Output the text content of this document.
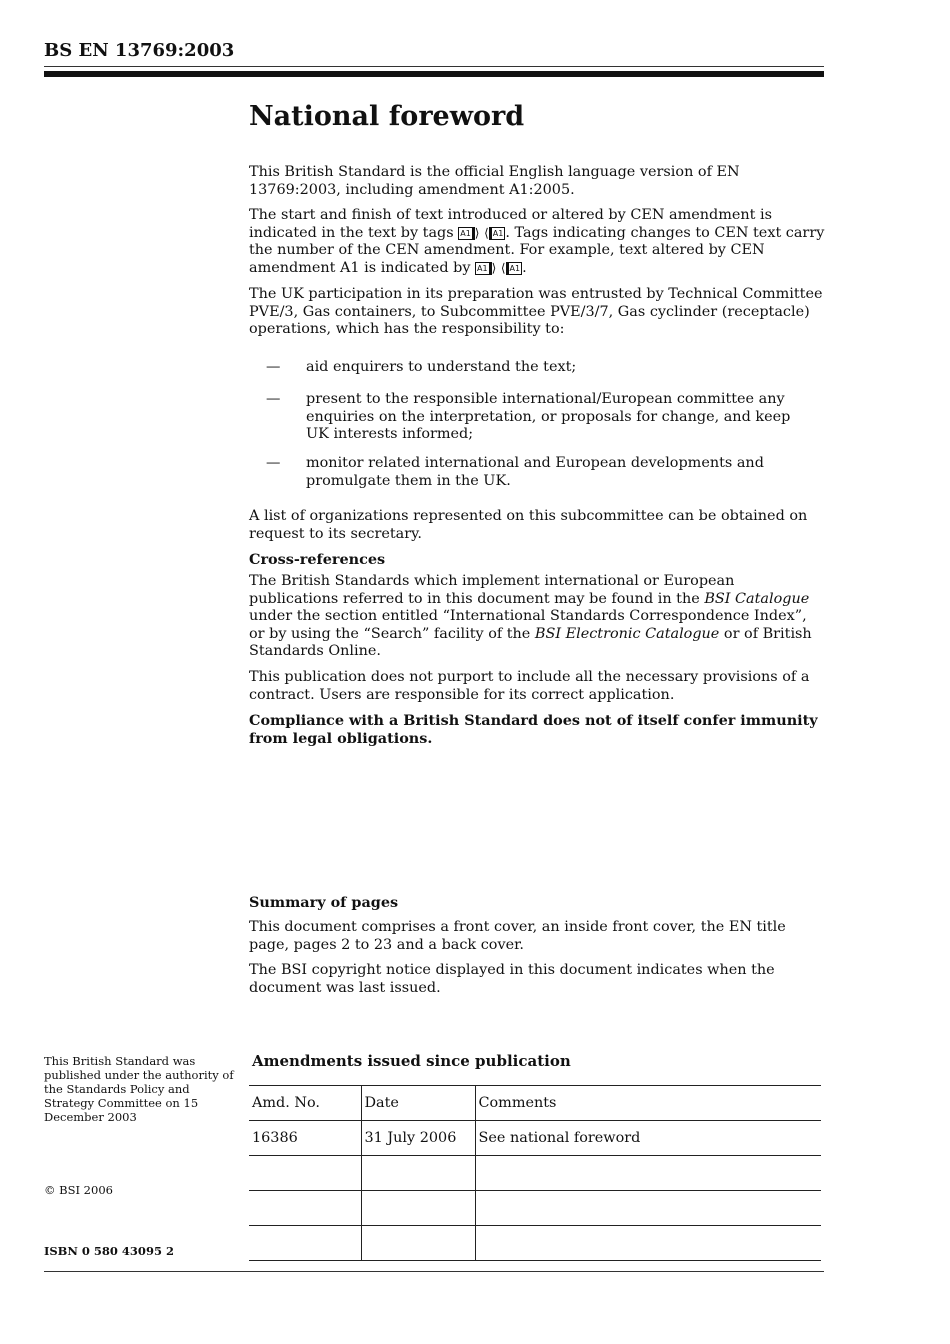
BS EN 13769:2003
National foreword

This British Standard is the official English language version of EN 13769:2003, including amendment A1:2005.

The start and finish of text introduced or altered by CEN amendment is indicated in the text by tags A1 ⟩ ⟨ A1 . Tags indicating changes to CEN text carry the number of the CEN amendment. For example, text altered by CEN amendment A1 is indicated by A1 ⟩ ⟨ A1 .

The UK participation in its preparation was entrusted by Technical Committee PVE/3, Gas containers, to Subcommittee PVE/3/7, Gas cyclinder (receptacle) operations, which has the responsibility to:

— aid enquirers to understand the text;

— present to the responsible international/European committee any enquiries on the interpretation, or proposals for change, and keep UK interests informed;

— monitor related international and European developments and promulgate them in the UK.

A list of organizations represented on this subcommittee can be obtained on request to its secretary.

Cross-references

The British Standards which implement international or European publications referred to in this document may be found in the BSI Catalogue under the section entitled “International Standards Correspondence Index”, or by using the “Search” facility of the BSI Electronic Catalogue or of British Standards Online.

This publication does not purport to include all the necessary provisions of a contract. Users are responsible for its correct application.

Compliance with a British Standard does not of itself confer immunity from legal obligations.

Summary of pages

This document comprises a front cover, an inside front cover, the EN title page, pages 2 to 23 and a back cover.

The BSI copyright notice displayed in this document indicates when the document was last issued.

This British Standard was published under the authority of the Standards Policy and Strategy Committee on 15 December 2003
© BSI 2006
ISBN 0 580 43095 2
Amendments issued since publication
Amd. No.	Date	Comments
16386	31 July 2006	See national foreword
